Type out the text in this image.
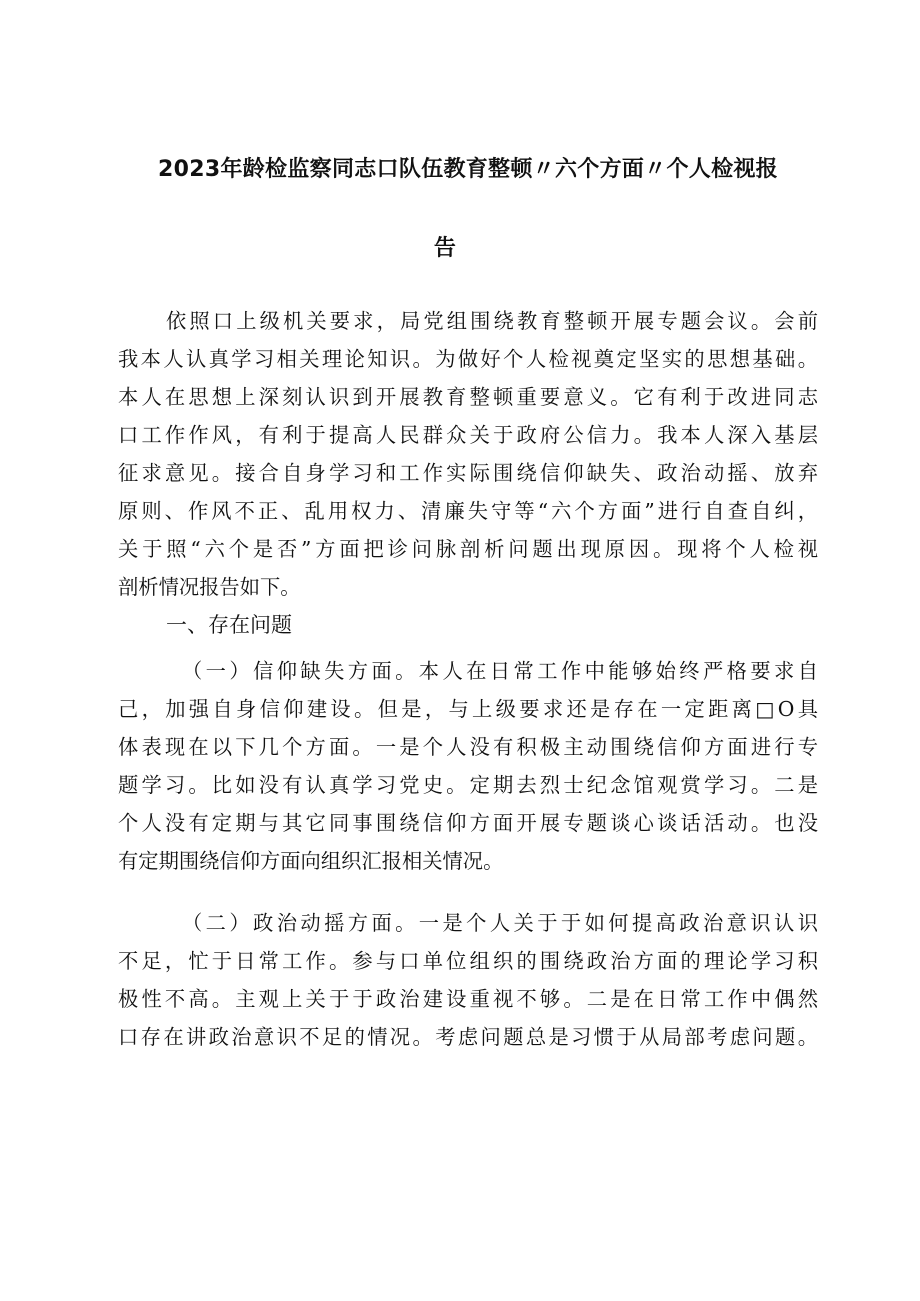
2023年龄检监察同志口队伍教育整顿〃六个方面〃个人检视报
告
依照口上级机关要求，局党组围绕教育整顿开展专题会议。会前
我本人认真学习相关理论知识。为做好个人检视奠定坚实的思想基础。
本人在思想上深刻认识到开展教育整顿重要意义。它有利于改进同志
口工作作风，有利于提高人民群众关于政府公信力。我本人深入基层
征求意见。接合自身学习和工作实际围绕信仰缺失、政治动摇、放弃
原则、作风不正、乱用权力、清廉失守等“六个方面”进行自查自纠，
关于照“六个是否”方面把诊问脉剖析问题出现原因。现将个人检视
剖析情况报告如下。
一、存在问题
（一）信仰缺失方面。本人在日常工作中能够始终严格要求自
己，加强自身信仰建设。但是，与上级要求还是存在一定距离□O具
体表现在以下几个方面。一是个人没有积极主动围绕信仰方面进行专
题学习。比如没有认真学习党史。定期去烈士纪念馆观赏学习。二是
个人没有定期与其它同事围绕信仰方面开展专题谈心谈话活动。也没
有定期围绕信仰方面向组织汇报相关情况。
（二）政治动摇方面。一是个人关于于如何提高政治意识认识
不足，忙于日常工作。参与口单位组织的围绕政治方面的理论学习积
极性不高。主观上关于于政治建设重视不够。二是在日常工作中偶然
口存在讲政治意识不足的情况。考虑问题总是习惯于从局部考虑问题。
